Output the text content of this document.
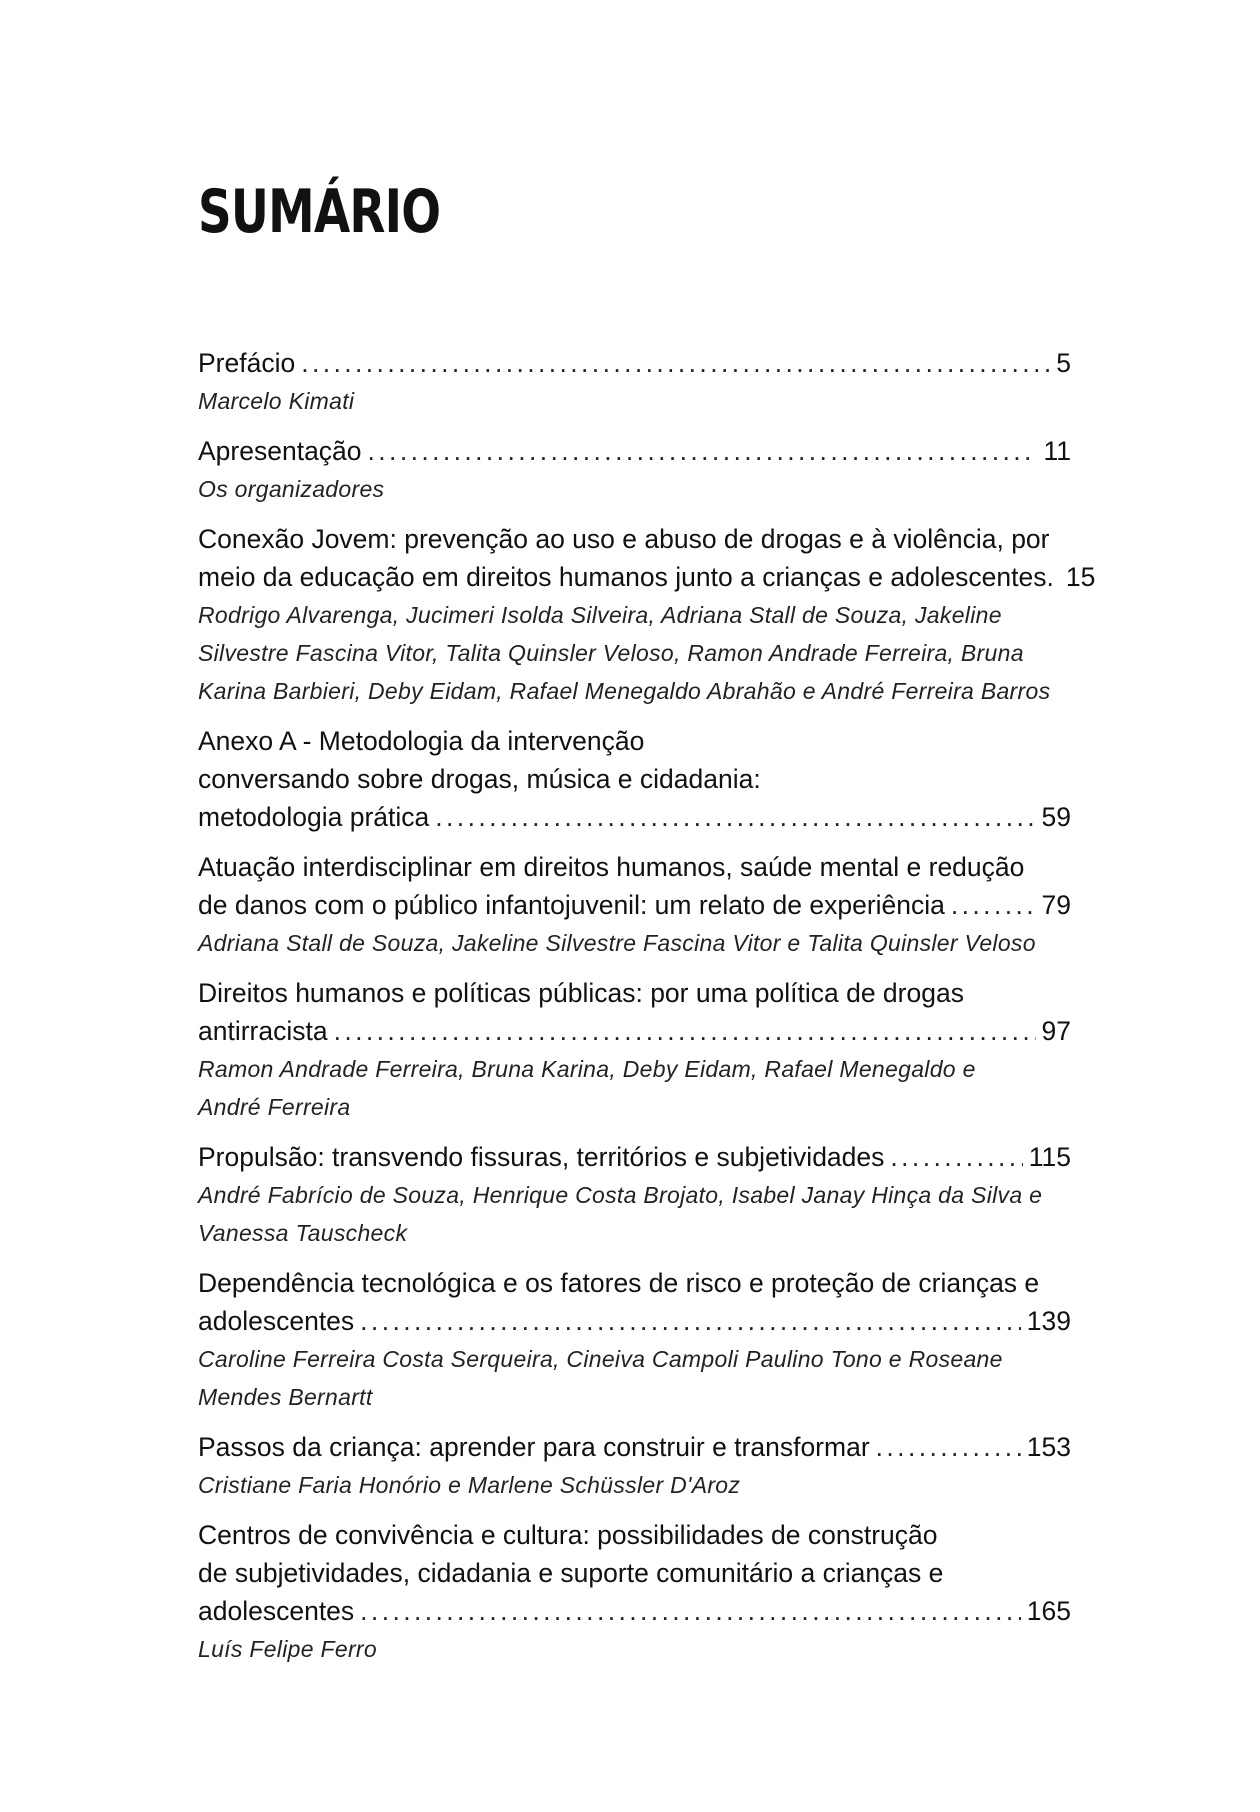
SUMÁRIO
Prefácio .....	5
Marcelo Kimati
Apresentação .....	11
Os organizadores
Conexão Jovem: prevenção ao uso e abuso de drogas e à violência, por
meio da educação em direitos humanos junto a crianças e adolescentes. 15
Rodrigo Alvarenga, Jucimeri Isolda Silveira, Adriana Stall de Souza, Jakeline
Silvestre Fascina Vitor, Talita Quinsler Veloso, Ramon Andrade Ferreira, Bruna
Karina Barbieri, Deby Eidam, Rafael Menegaldo Abrahão e André Ferreira Barros
Anexo A - Metodologia da intervenção
conversando sobre drogas, música e cidadania:
metodologia prática .....	59
Atuação interdisciplinar em direitos humanos, saúde mental e redução
de danos com o público infantojuvenil: um relato de experiência .....	79
Adriana Stall de Souza, Jakeline Silvestre Fascina Vitor e Talita Quinsler Veloso
Direitos humanos e políticas públicas: por uma política de drogas
antirracista .....	97
Ramon Andrade Ferreira, Bruna Karina, Deby Eidam, Rafael Menegaldo e
André Ferreira
Propulsão: transvendo fissuras, territórios e subjetividades .....	115
André Fabrício de Souza, Henrique Costa Brojato, Isabel Janay Hinça da Silva e
Vanessa Tauscheck
Dependência tecnológica e os fatores de risco e proteção de crianças e
adolescentes .....	139
Caroline Ferreira Costa Serqueira, Cineiva Campoli Paulino Tono e Roseane
Mendes Bernartt
Passos da criança: aprender para construir e transformar .....	153
Cristiane Faria Honório e Marlene Schüssler D'Aroz
Centros de convivência e cultura: possibilidades de construção
de subjetividades, cidadania e suporte comunitário a crianças e
adolescentes .....	165
Luís Felipe Ferro
